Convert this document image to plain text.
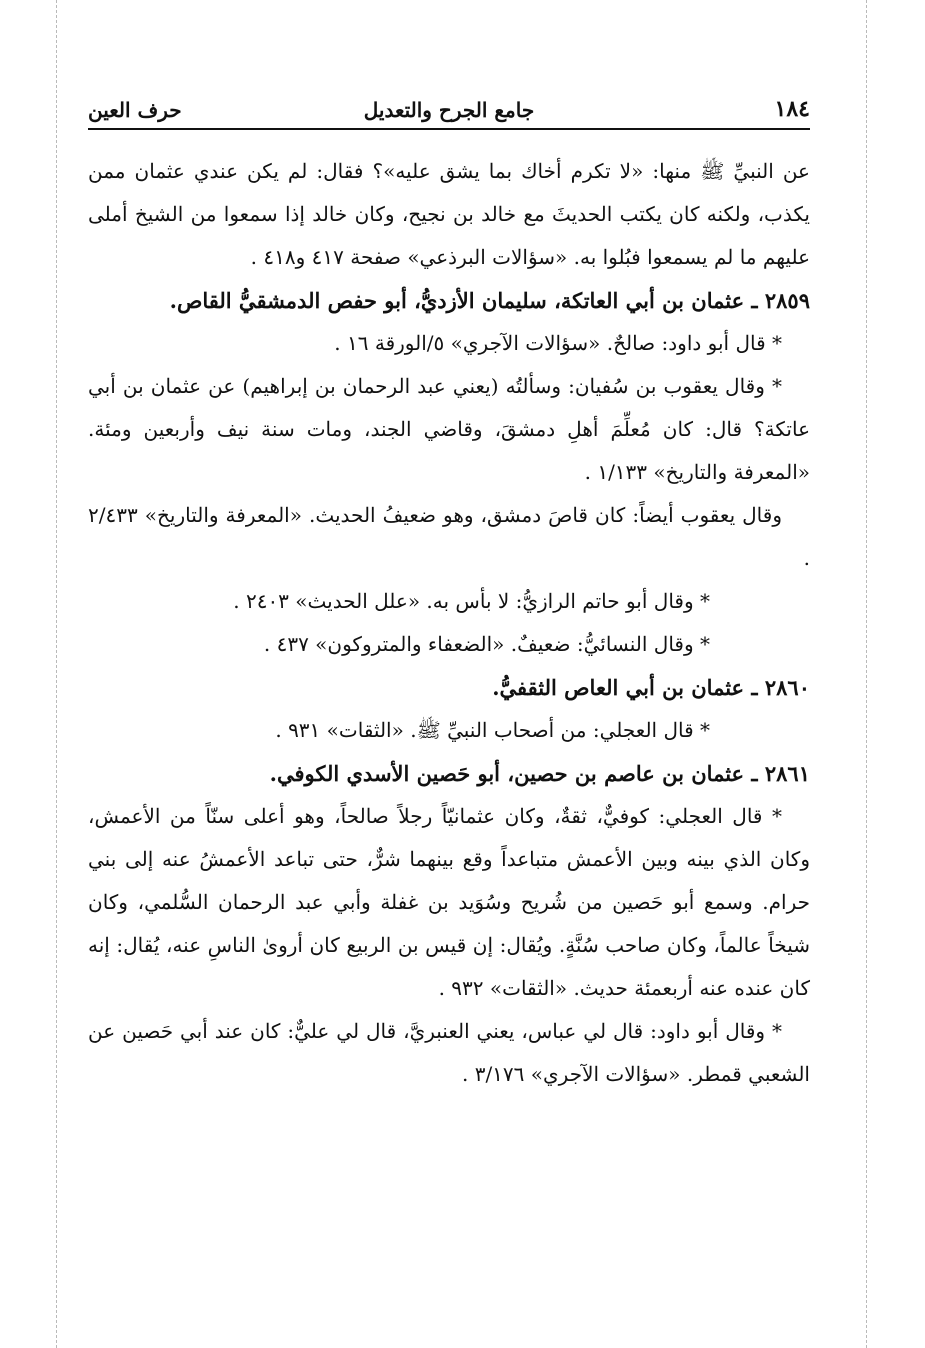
١٨٤
جامع الجرح والتعديل
حرف العين

عن النبيِّ ﷺ منها: «لا تكرم أخاك بما يشق عليه»؟ فقال: لم يكن عندي عثمان ممن يكذب، ولكنه كان يكتب الحديثَ مع خالد بن نجيح، وكان خالد إذا سمعوا من الشيخ أملى عليهم ما لم يسمعوا فبُلوا به. «سؤالات البرذعي» صفحة ٤١٧ و٤١٨ .

٢٨٥٩ ـ عثمان بن أبي العاتكة، سليمان الأزديُّ، أبو حفص الدمشقيُّ القاص.

* قال أبو داود: صالحٌ. «سؤالات الآجري» ٥/الورقة ١٦ .

* وقال يعقوب بن سُفيان: وسألتُه (يعني عبد الرحمان بن إبراهيم) عن عثمان بن أبي عاتكة؟ قال: كان مُعلِّمَ أهلِ دمشقَ، وقاضي الجند، ومات سنة نيف وأربعين ومئة. «المعرفة والتاريخ» ١/١٣٣ .

وقال يعقوب أيضاً: كان قاصَ دمشق، وهو ضعيفُ الحديث. «المعرفة والتاريخ» ٢/٤٣٣ .

* وقال أبو حاتم الرازيُّ: لا بأس به. «علل الحديث» ٢٤٠٣ .

* وقال النسائيُّ: ضعيفٌ. «الضعفاء والمتروكون» ٤٣٧ .

٢٨٦٠ ـ عثمان بن أبي العاص الثقفيُّ.

* قال العجلي: من أصحاب النبيِّ ﷺ. «الثقات» ٩٣١ .

٢٨٦١ ـ عثمان بن عاصم بن حصين، أبو حَصين الأسدي الكوفي.

* قال العجلي: كوفيٌّ، ثقةٌ، وكان عثمانيّاً رجلاً صالحاً، وهو أعلى سنّاً من الأعمش، وكان الذي بينه وبين الأعمش متباعداً وقع بينهما شرٌّ، حتى تباعد الأعمشُ عنه إلى بني حرام. وسمع أبو حَصين من شُريح وسُوَيد بن غفلة وأبي عبد الرحمان السُّلمي، وكان شيخاً عالماً، وكان صاحب سُنَّةٍ. ويُقال: إن قيس بن الربيع كان أروىٰ الناسِ عنه، يُقال: إنه كان عنده عنه أربعمئة حديث. «الثقات» ٩٣٢ .

* وقال أبو داود: قال لي عباس، يعني العنبريَّ، قال لي عليٌّ: كان عند أبي حَصين عن الشعبي قمطر. «سؤالات الآجري» ٣/١٧٦ .
